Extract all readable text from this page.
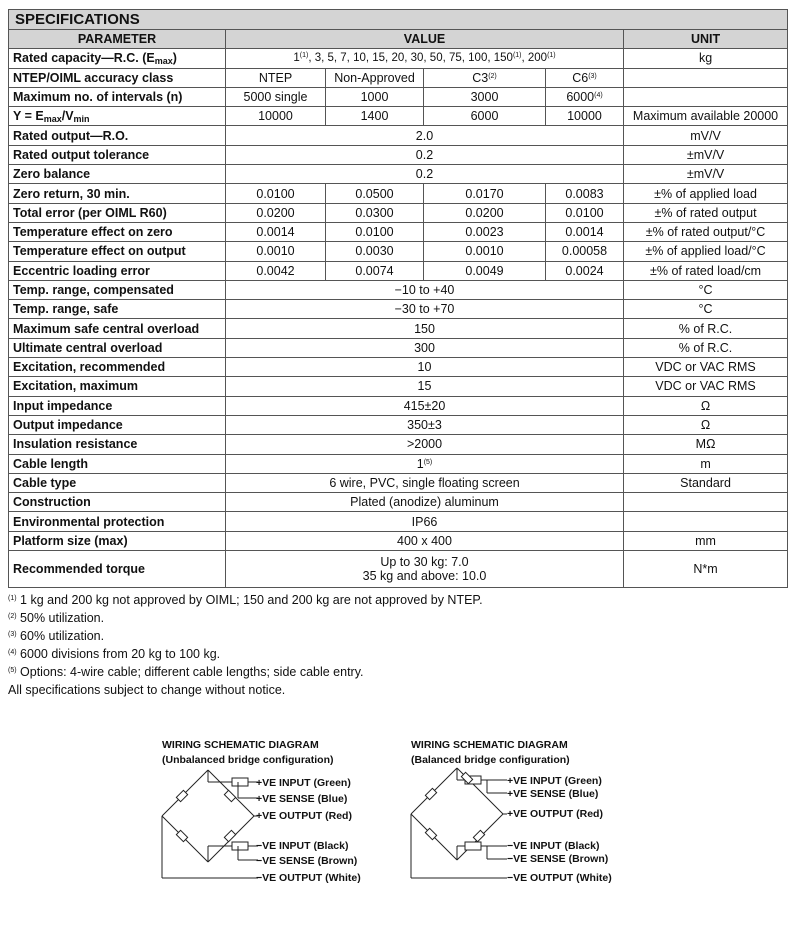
SPECIFICATIONS					
PARAMETER	VALUE				UNIT
Rated capacity—R.C. $(E_{max})$	1$^{(1)}$, 3, 5, 7, 10, 15, 20, 30, 50, 75, 100, 150$^{(1)}$, 200$^{(1)}$				kg
NTEP/OIML accuracy class	NTEP	Non-Approved	C3$^{(2)}$	C6$^{(3)}$	
Maximum no. of intervals (n)	5000 single	1000	3000	6000$^{(4)}$	
$Y = E_{max}/V_{min}$	10000	1400	6000	10000	Maximum available 20000
Rated output—R.O.	2.0				mV/V
Rated output tolerance	0.2				±mV/V
Zero balance	0.2				±mV/V
Zero return, 30 min.	0.0100	0.0500	0.0170	0.0083	±% of applied load
Total error (per OIML R60)	0.0200	0.0300	0.0200	0.0100	±% of rated output
Temperature effect on zero	0.0014	0.0100	0.0023	0.0014	±% of rated output/°C
Temperature effect on output	0.0010	0.0030	0.0010	0.00058	±% of applied load/°C
Eccentric loading error	0.0042	0.0074	0.0049	0.0024	±% of rated load/cm
Temp. range, compensated	−10 to +40				°C
Temp. range, safe	−30 to +70				°C
Maximum safe central overload	150				% of R.C.
Ultimate central overload	300				% of R.C.
Excitation, recommended	10				VDC or VAC RMS
Excitation, maximum	15				VDC or VAC RMS
Input impedance	415±20				Ω
Output impedance	350±3				Ω
Insulation resistance	>2000				MΩ
Cable length	1$^{(5)}$				m
Cable type	6 wire, PVC, single floating screen				Standard
Construction	Plated (anodize) aluminum				
Environmental protection	IP66				
Platform size (max)	400 x 400				mm
Recommended torque	Up to 30 kg: 7.0
35 kg and above: 10.0				N*m

$^{(1)}$ 1 kg and 200 kg not approved by OIML; 150 and 200 kg are not approved by NTEP.

$^{(2)}$ 50% utilization.

$^{(3)}$ 60% utilization.

$^{(4)}$ 6000 divisions from 20 kg to 100 kg.

$^{(5)}$ Options: 4-wire cable; different cable lengths; side cable entry.

All specifications subject to change without notice.

WIRING SCHEMATIC DIAGRAM
(Unbalanced bridge configuration)
+VE INPUT (Green)
+VE SENSE (Blue)
+VE OUTPUT (Red)
−VE INPUT (Black)
−VE SENSE (Brown)
−VE OUTPUT (White)
WIRING SCHEMATIC DIAGRAM
(Balanced bridge configuration)
+VE INPUT (Green)
+VE SENSE (Blue)
+VE OUTPUT (Red)
−VE INPUT (Black)
−VE SENSE (Brown)
−VE OUTPUT (White)
